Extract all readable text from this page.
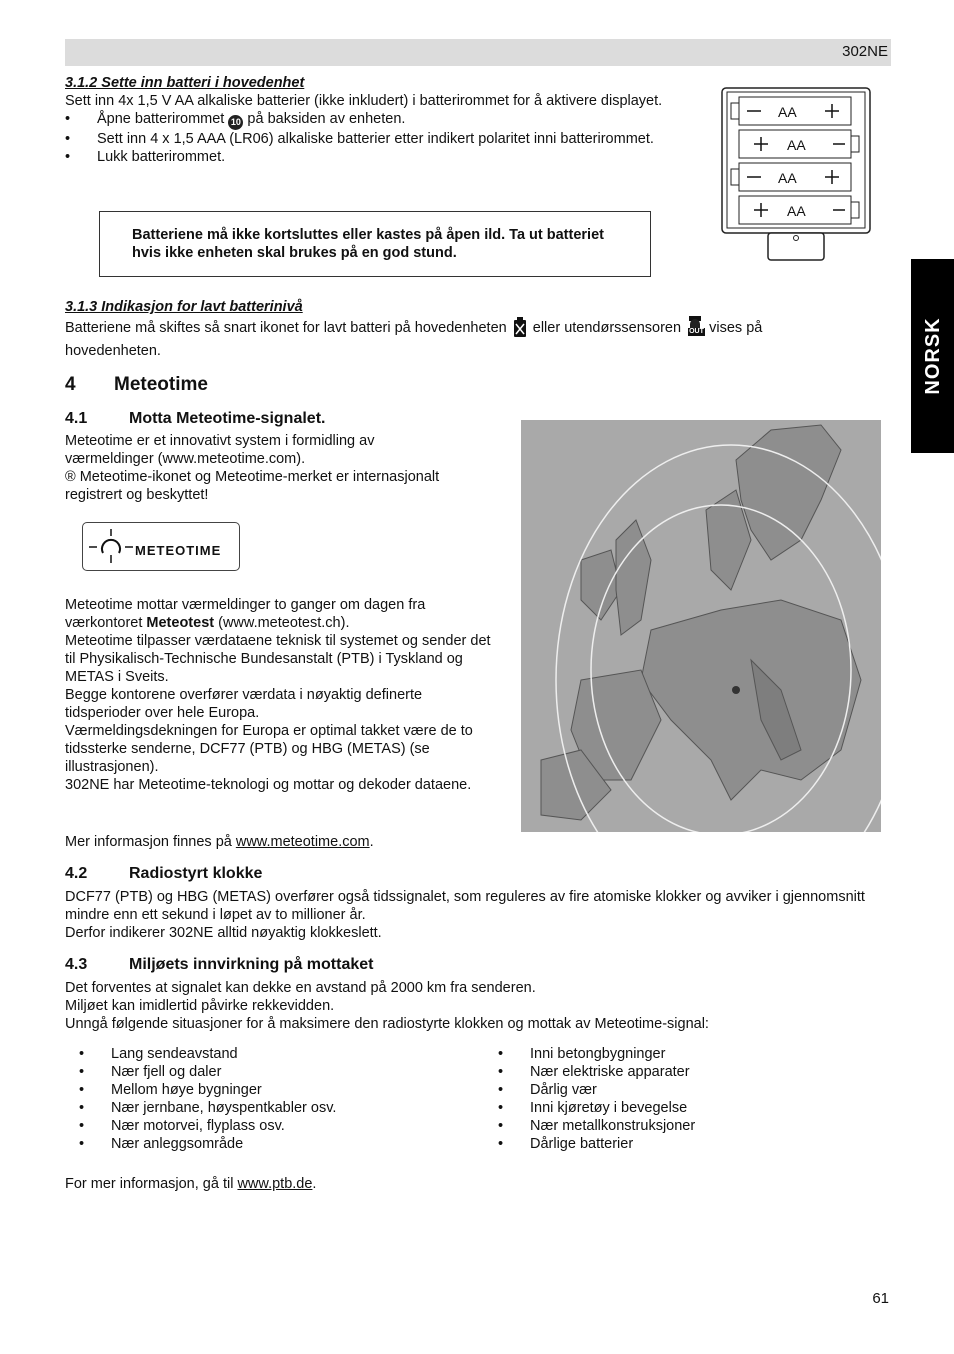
302NE
NORSK
3.1.2 Sette inn batteri i hovedenhet

Sett inn 4x 1,5 V AA alkaliske batterier (ikke inkludert) i batterirommet for å aktivere displayet.

• Åpne batterirommet 10 på baksiden av enheten.
• Sett inn 4 x 1,5 AAA (LR06) alkaliske batterier etter indikert polaritet inni batterirommet.
• Lukk batterirommet.
AA
AA
AA
AA
Batteriene må ikke kortsluttes eller kastes på åpen ild. Ta ut batteriet hvis ikke enheten skal brukes på en god stund.
3.1.3 Indikasjon for lavt batterinivå
Batteriene må skiftes så snart ikonet for lavt batteri på hovedenheten eller utendørssensoren OUT vises på hovedenheten.
4 Meteotime
4.1	Motta Meteotime-signalet.

Meteotime er et innovativt system i formidling av værmeldinger (www.meteotime.com).

® Meteotime-ikonet og Meteotime-merket er internasjonalt registrert og beskyttet!

METEOTIME

Meteotime mottar værmeldinger to ganger om dagen fra værkontoret Meteotest (www.meteotest.ch).

Meteotime tilpasser værdataene teknisk til systemet og sender det til Physikalisch-Technische Bundesanstalt (PTB) i Tyskland og METAS i Sveits.

Begge kontorene overfører værdata i nøyaktig definerte tidsperioder over hele Europa.

Værmeldingsdekningen for Europa er optimal takket være de to tidssterke senderne, DCF77 (PTB) og HBG (METAS) (se illustrasjonen).

302NE har Meteotime-teknologi og mottar og dekoder dataene.

Mer informasjon finnes på www.meteotime.com.
4.2	Radiostyrt klokke

DCF77 (PTB) og HBG (METAS) overfører også tidssignalet, som reguleres av fire atomiske klokker og avviker i gjennomsnitt mindre enn ett sekund i løpet av to millioner år.

Derfor indikerer 302NE alltid nøyaktig klokkeslett.

4.3	Miljøets innvirkning på mottaket

Det forventes at signalet kan dekke en avstand på 2000 km fra senderen.

Miljøet kan imidlertid påvirke rekkevidden.

Unngå følgende situasjoner for å maksimere den radiostyrte klokken og mottak av Meteotime-signal:

• Lang sendeavstand
• Nær fjell og daler
• Mellom høye bygninger
• Nær jernbane, høyspentkabler osv.
• Nær motorvei, flyplass osv.
• Nær anleggsområde
• Inni betongbygninger
• Nær elektriske apparater
• Dårlig vær
• Inni kjøretøy i bevegelse
• Nær metallkonstruksjoner
• Dårlige batterier
For mer informasjon, gå til www.ptb.de.
61
